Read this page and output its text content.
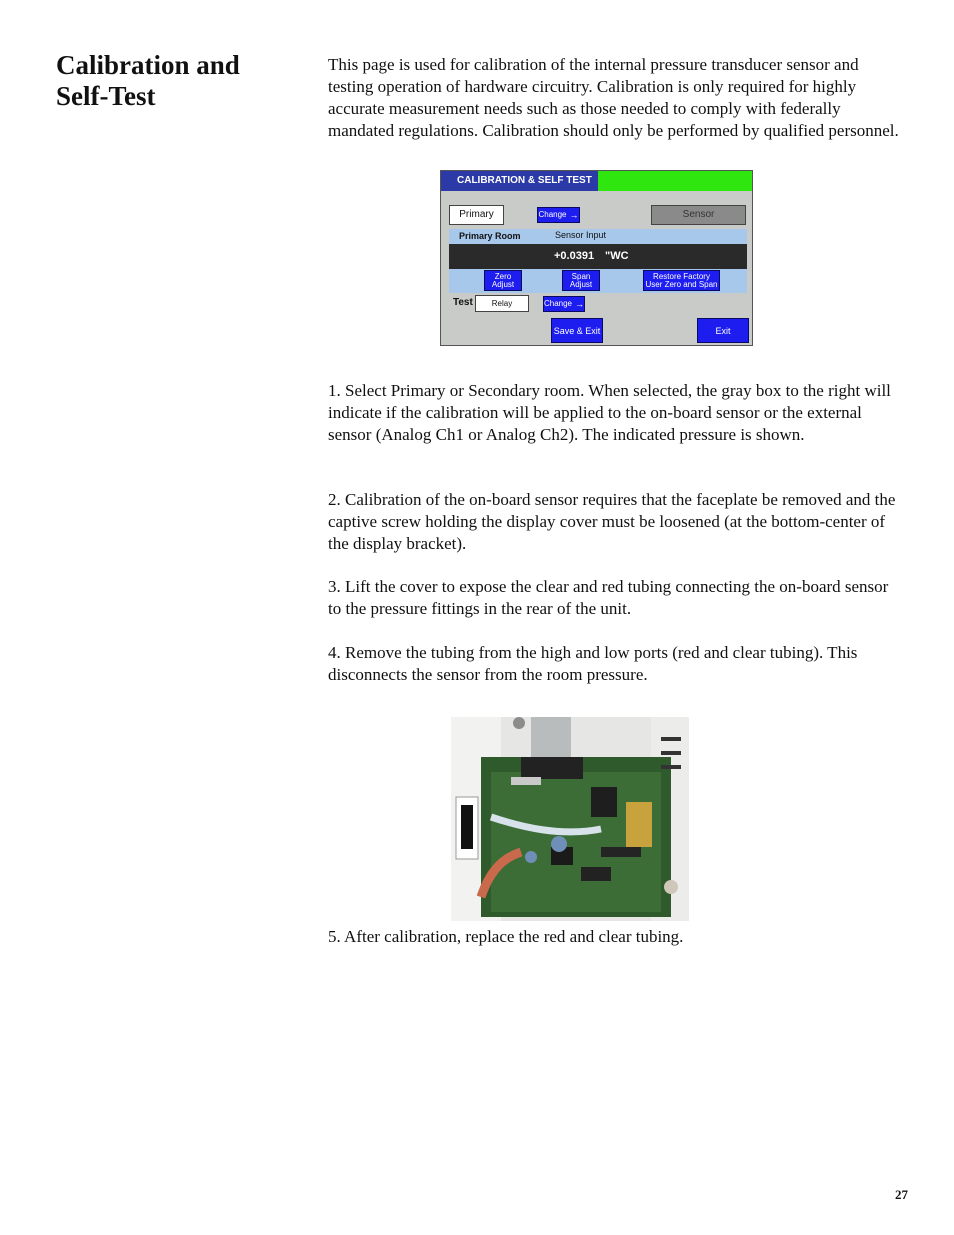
Calibration and
Self-Test

This page is used for calibration of the internal pressure transducer sensor and testing operation of hardware circuitry. Calibration is only required for highly accurate measurement needs such as those needed to comply with federally mandated regulations. Calibration should only be performed by qualified personnel.

CALIBRATION & SELF TEST
Primary	Change →	Sensor
Primary Room	Sensor Input
+0.0391 "WC
Zero
Adjust
Span
Adjust
Restore Factory
User Zero and Span
Test	Relay	Change →
Save & Exit	Exit

1. Select Primary or Secondary room. When selected, the gray box to the right will indicate if the calibration will be applied to the on-board sensor or the external sensor (Analog Ch1 or Analog Ch2). The indicated pressure is shown.

2. Calibration of the on-board sensor requires that the faceplate be removed and the captive screw holding the display cover must be loosened (at the bottom-center of the display bracket).

3. Lift the cover to expose the clear and red tubing connecting the on-board sensor to the pressure fittings in the rear of the unit.

4. Remove the tubing from the high and low ports (red and clear tubing). This disconnects the sensor from the room pressure.

5. After calibration, replace the red and clear tubing.

27
